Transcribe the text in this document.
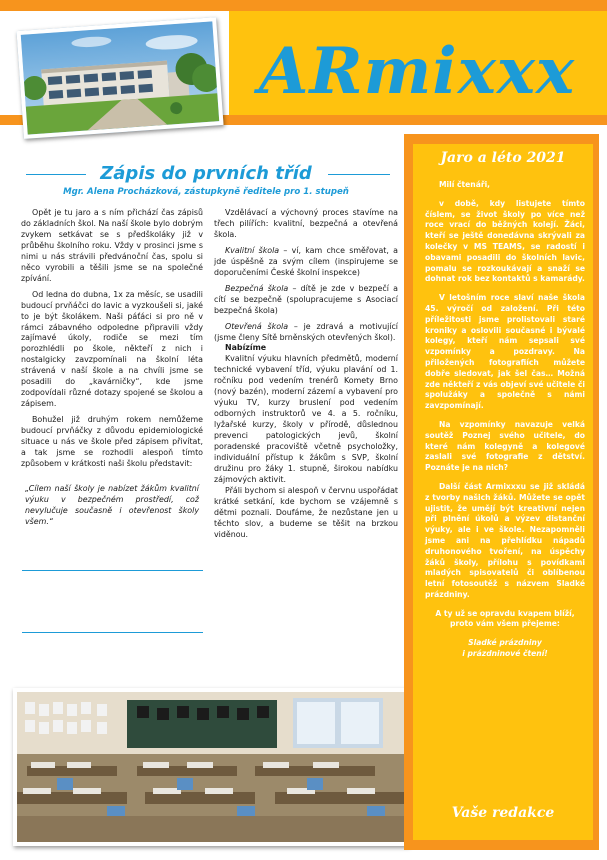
ARmixxx
Zápis do prvních tříd
Mgr. Alena Procházková, zástupkyně ředitele pro 1. stupeň

Opět je tu jaro a s ním přichází čas zápisů do základních škol. Na naší škole bylo dobrým zvykem setkávat se s předškoláky již v průběhu školního roku. Vždy v prosinci jsme s nimi u nás strávili předvánoční čas, spolu si něco vyrobili a těšili jsme se na společné zpívání.

Od ledna do dubna, 1x za měsíc, se usadili budoucí prvňáčci do lavic a vyzkoušeli si, jaké to je být školákem. Naši páťáci si pro ně v rámci zábavného odpoledne připravili vždy zajímavé úkoly, rodiče se mezi tím porozhlédli po škole, někteří z nich i nostalgicky zavzpomínali na školní léta strávená v naší škole a na chvíli jsme se posadili do „kavárničky“, kde jsme zodpovídali různé dotazy spojené se školou a zápisem.

Bohužel již druhým rokem nemůžeme budoucí prvňáčky z důvodu epidemiologické situace u nás ve škole před zápisem přivítat, a tak jsme se rozhodli alespoň tímto způsobem v krátkosti naši školu představit:

„Cílem naší školy je nabízet žákům kvalitní výuku v bezpečném prostředí, což nevylučuje současně i otevřenost školy všem.“

Vzdělávací a výchovný proces stavíme na třech pilířích: kvalitní, bezpečná a otevřená škola.

Kvalitní škola – ví, kam chce směřovat, a jde úspěšně za svým cílem (inspirujeme se doporučeními České školní inspekce)

Bezpečná škola – dítě je zde v bezpečí a cítí se bezpečně (spolupracujeme s Asociací bezpečná škola)

Otevřená škola – je zdravá a motivující (jsme členy Sítě brněnských otevřených škol).

Nabízíme

Kvalitní výuku hlavních předmětů, moderní technické vybavení tříd, výuku plavání od 1. ročníku pod vedením trenérů Komety Brno (nový bazén), moderní zázemí a vybavení pro výuku TV, kurzy bruslení pod vedením odborných instruktorů ve 4. a 5. ročníku, lyžařské kurzy, školy v přírodě, důslednou prevenci patologických jevů, školní poradenské pracoviště včetně psycholožky, individuální přístup k žákům s SVP, školní družinu pro žáky 1. stupně, širokou nabídku zájmových aktivit.

Přáli bychom si alespoň v červnu uspořádat krátké setkání, kde bychom se vzájemně s dětmi poznali. Doufáme, že nezůstane jen u těchto slov, a budeme se těšit na brzkou viděnou.

Jaro a léto 2021

Milí čtenáři,

v době, kdy listujete tímto číslem, se život školy po více než roce vrací do běžných kolejí. Žáci, kteří se ještě donedávna skrývali za kolečky v MS TEAMS, se radostí i obavami posadili do školních lavic, pomalu se rozkoukávají a snaží se dohnat rok bez kontaktů s kamarády.

V letošním roce slaví naše škola 45. výročí od založení. Při této příležitosti jsme prolistovali staré kroniky a oslovili současné i bývalé kolegy, kteří nám sepsali své vzpomínky a pozdravy. Na přiložených fotografiích můžete dobře sledovat, jak šel čas… Možná zde někteří z vás objeví své učitele či spolužáky a společně s námi zavzpomínají.

Na vzpomínky navazuje velká soutěž Poznej svého učitele, do které nám kolegyně a kolegové zaslali své fotografie z dětství. Poznáte je na nich?

Další část Armixxxu se již skládá z tvorby našich žáků. Můžete se opět ujistit, že umějí být kreativní nejen při plnění úkolů a výzev distanční výuky, ale i ve škole. Nezapomněli jsme ani na přehlídku nápadů druhonového tvoření, na úspěchy žáků školy, přílohu s povídkami mladých spisovatelů či oblíbenou letní fotosoutěž s názvem Sladké prázdniny.

A ty už se opravdu kvapem blíží, proto vám všem přejeme:

Sladké prázdniny

i prázdninové čtení!

Vaše redakce
